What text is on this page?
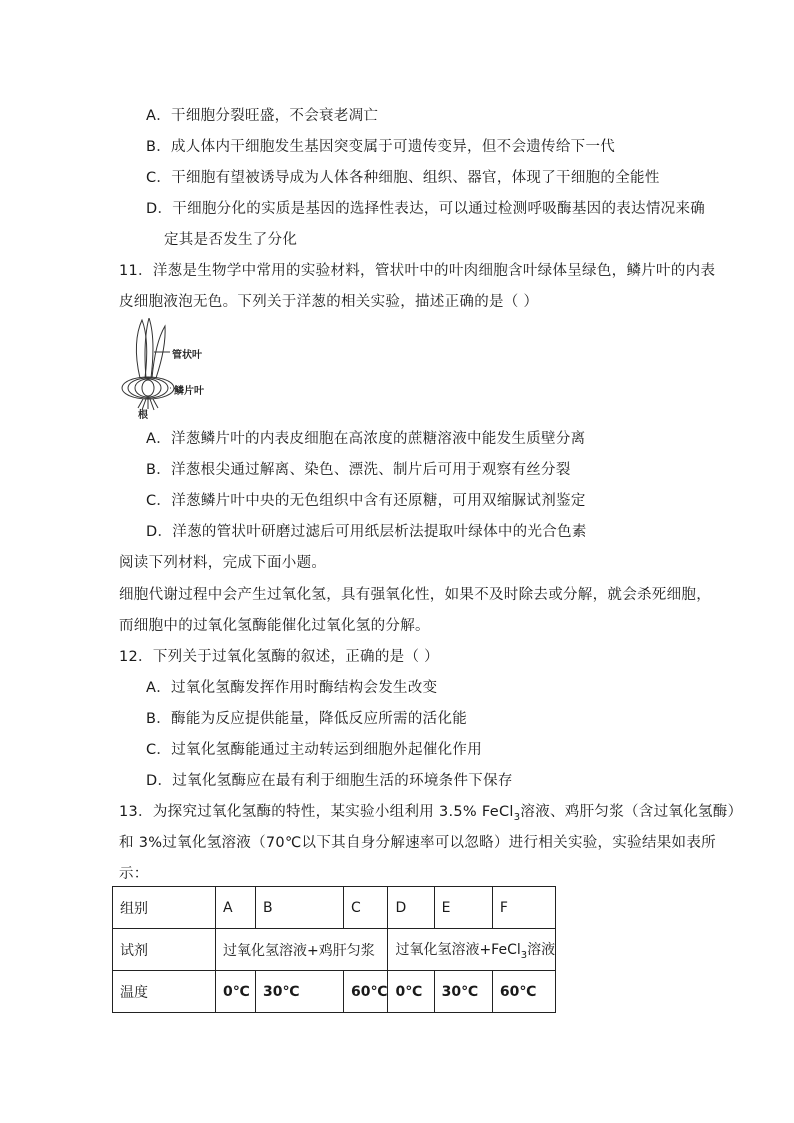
A．干细胞分裂旺盛，不会衰老凋亡
B．成人体内干细胞发生基因突变属于可遗传变异，但不会遗传给下一代
C．干细胞有望被诱导成为人体各种细胞、组织、器官，体现了干细胞的全能性
D．干细胞分化的实质是基因的选择性表达，可以通过检测呼吸酶基因的表达情况来确
定其是否发生了分化
11．洋葱是生物学中常用的实验材料，管状叶中的叶肉细胞含叶绿体呈绿色，鳞片叶的内表
皮细胞液泡无色。下列关于洋葱的相关实验，描述正确的是（ ）
管状叶
鳞片叶
根
A．洋葱鳞片叶的内表皮细胞在高浓度的蔗糖溶液中能发生质壁分离
B．洋葱根尖通过解离、染色、漂洗、制片后可用于观察有丝分裂
C．洋葱鳞片叶中央的无色组织中含有还原糖，可用双缩脲试剂鉴定
D．洋葱的管状叶研磨过滤后可用纸层析法提取叶绿体中的光合色素
阅读下列材料，完成下面小题。
细胞代谢过程中会产生过氧化氢，具有强氧化性，如果不及时除去或分解，就会杀死细胞，
而细胞中的过氧化氢酶能催化过氧化氢的分解。
12．下列关于过氧化氢酶的叙述，正确的是（ ）
A．过氧化氢酶发挥作用时酶结构会发生改变
B．酶能为反应提供能量，降低反应所需的活化能
C．过氧化氢酶能通过主动转运到细胞外起催化作用
D．过氧化氢酶应在最有利于细胞生活的环境条件下保存
13．为探究过氧化氢酶的特性，某实验小组利用 3.5% FeCl$_3$溶液、鸡肝匀浆（含过氧化氢酶）
和 3%过氧化氢溶液（70℃以下其自身分解速率可以忽略）进行相关实验，实验结果如表所
示：
组别	A	B	C	D	E	F
试剂	过氧化氢溶液+鸡肝匀浆			过氧化氢溶液+FeCl$_3$溶液		
温度	0℃	30℃	60℃	0℃	30℃	60℃
